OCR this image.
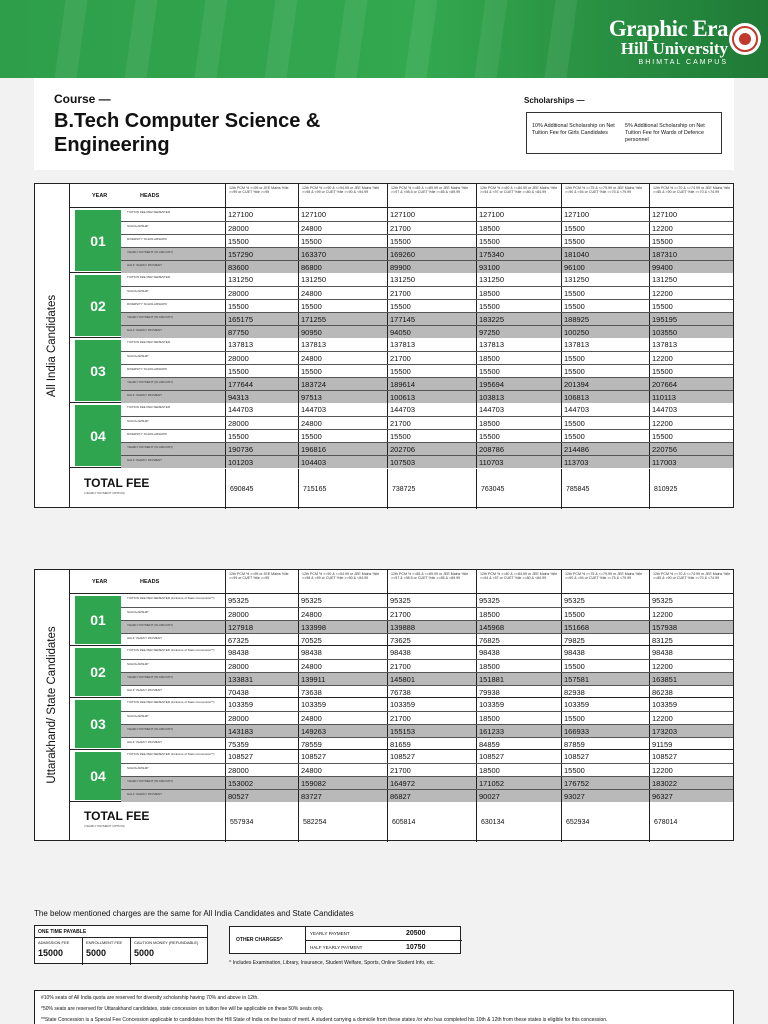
Graphic Era
Hill University
BHIMTAL CAMPUS
Course —
B.Tech Computer Science & Engineering
Scholarships —
10% Additional Scholarship on Net Tuition Fee for Girls Candidates
5% Additional Scholarship on Net Tuition Fee for Wards of Defence personnel
All India Candidates
YEAR	HEADS
12th PCM % >=95 or JEE Mains %ile >=99 or CUET %ile >=95
12th PCM % >=90 & <=94.99 or JEE Mains %ile >=98 & <99 or CUET %ile >=90 & <94.99
12th PCM % >=85 & <=89.99 or JEE Mains %ile >=97 & <98.5 or CUET %ile >=85 & <89.99
12th PCM % >=80 & <=84.99 or JEE Mains %ile >=94 & <97 or CUET %ile >=80 & <84.99
12th PCM % >=75 & <=79.99 or JEE Mains %ile >=90 & <94 or CUET %ile >=75 & <79.99
12th PCM % >=70 & <=74.99 or JEE Mains %ile >=85 & <90 or CUET %ile >=70 & <74.99
01
TUITION FEE PER SEMESTER	127100	127100	127100	127100	127100	127100
SCHOLARSHIP	28000	24800	21700	18500	15500	12200
DIVERSITY SCHOLARSHIP#	15500	15500	15500	15500	15500	15500
YEARLY PAYMENT (IN AMOUNT)	157290	163370	169260	175340	181040	187310
HALF YEARLY PAYMENT	83600	86800	89900	93100	96100	99400
02
TUITION FEE PER SEMESTER	131250	131250	131250	131250	131250	131250
SCHOLARSHIP	28000	24800	21700	18500	15500	12200
DIVERSITY SCHOLARSHIP#	15500	15500	15500	15500	15500	15500
YEARLY PAYMENT (IN AMOUNT)	165175	171255	177145	183225	188925	195195
HALF YEARLY PAYMENT	87750	90950	94050	97250	100250	103550
03
TUITION FEE PER SEMESTER	137813	137813	137813	137813	137813	137813
SCHOLARSHIP	28000	24800	21700	18500	15500	12200
DIVERSITY SCHOLARSHIP#	15500	15500	15500	15500	15500	15500
YEARLY PAYMENT (IN AMOUNT)	177644	183724	189614	195694	201394	207664
HALF YEARLY PAYMENT	94313	97513	100613	103813	106813	110113
04
TUITION FEE PER SEMESTER	144703	144703	144703	144703	144703	144703
SCHOLARSHIP	28000	24800	21700	18500	15500	12200
DIVERSITY SCHOLARSHIP#	15500	15500	15500	15500	15500	15500
YEARLY PAYMENT (IN AMOUNT)	190736	196816	202706	208786	214486	220756
HALF YEARLY PAYMENT	101203	104403	107503	110703	113703	117003
TOTAL FEE
(YEARLY PAYMENT OPTION)
690845	715165	738725	763045	785845	810925
Uttarakhand/ State Candidates
YEAR	HEADS
12th PCM % >=95 or JEE Mains %ile >=99 or CUET %ile >=95
12th PCM % >=90 & <=94.99 or JEE Mains %ile >=98 & <99 or CUET %ile >=90 & <94.99
12th PCM % >=85 & <=89.99 or JEE Mains %ile >=97 & <98.5 or CUET %ile >=85 & <89.99
12th PCM % >=80 & <=84.99 or JEE Mains %ile >=94 & <97 or CUET %ile >=80 & <84.99
12th PCM % >=75 & <=79.99 or JEE Mains %ile >=90 & <94 or CUET %ile >=75 & <79.99
12th PCM % >=70 & <=74.99 or JEE Mains %ile >=85 & <90 or CUET %ile >=70 & <74.99
01
TUITION FEE PER SEMESTER (Inclusive of State Concession**)	95325	95325	95325	95325	95325	95325
SCHOLARSHIP	28000	24800	21700	18500	15500	12200
YEARLY PAYMENT (IN AMOUNT)	127918	133998	139888	145968	151668	157938
HALF YEARLY PAYMENT	67325	70525	73625	76825	79825	83125
02
TUITION FEE PER SEMESTER (Inclusive of State Concession**)	98438	98438	98438	98438	98438	98438
SCHOLARSHIP	28000	24800	21700	18500	15500	12200
YEARLY PAYMENT (IN AMOUNT)	133831	139911	145801	151881	157581	163851
HALF YEARLY PAYMENT	70438	73638	76738	79938	82938	86238
03
TUITION FEE PER SEMESTER (Inclusive of State Concession**)	103359	103359	103359	103359	103359	103359
SCHOLARSHIP	28000	24800	21700	18500	15500	12200
YEARLY PAYMENT (IN AMOUNT)	143183	149263	155153	161233	166933	173203
HALF YEARLY PAYMENT	75359	78559	81659	84859	87859	91159
04
TUITION FEE PER SEMESTER (Inclusive of State Concession**)	108527	108527	108527	108527	108527	108527
SCHOLARSHIP	28000	24800	21700	18500	15500	12200
YEARLY PAYMENT (IN AMOUNT)	153002	159082	164972	171052	176752	183022
HALF YEARLY PAYMENT	80527	83727	86827	90027	93027	96327
TOTAL FEE
(YEARLY PAYMENT OPTION)
557934	582254	605814	630134	652934	678014
The below mentioned charges are the same for All India Candidates and State Candidates
ONE TIME PAYABLE
ADMISSION FEE
15000
ENROLLMENT FEE
5000
CAUTION MONEY (REFUNDABLE)
5000
OTHER CHARGES^
YEARLY PAYMENT	20500
HALF YEARLY PAYMENT	10750
^ Includes Examination, Library, Insurance, Student Welfare, Sports, Online Student Info, etc.
#10% seats of All India quota are reserved for diversity scholarship having 70% and above in 12th.
*50% seats are reserved for Uttarakhand candidates, state concession on tuition fee will be applicable on these 50% seats only.
**State Concession is a Special Fee Concession applicable to candidates from the Hill State of India on the basis of merit. A student carrying a domicile from these states /or who has completed his 10th & 12th from these states is eligible for this concession.
